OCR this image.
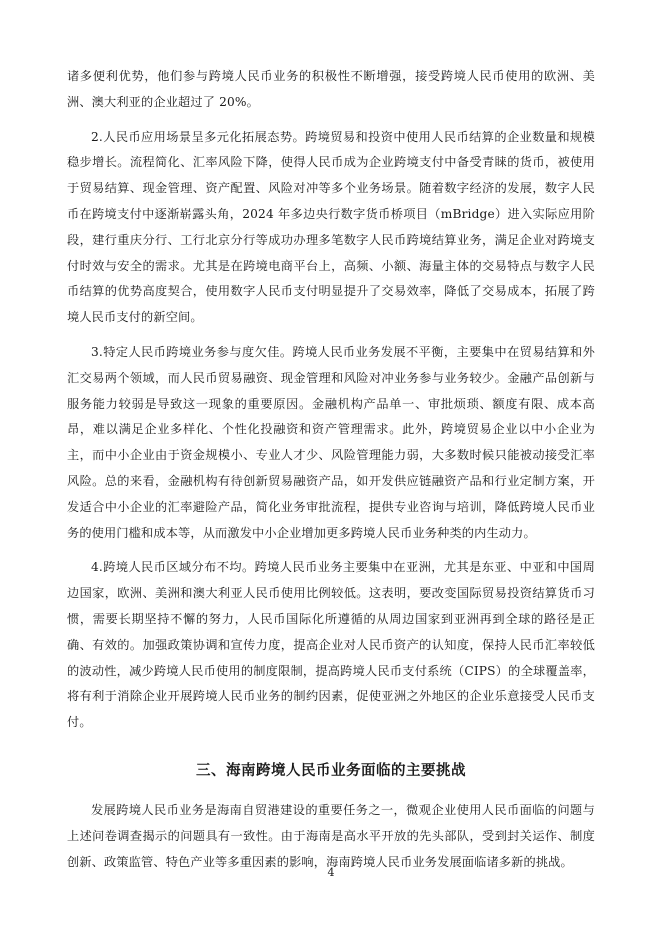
诸多便利优势，他们参与跨境人民币业务的积极性不断增强，接受跨境人民币使用的欧洲、美洲、澳大利亚的企业超过了 20%。

2.人民币应用场景呈多元化拓展态势。跨境贸易和投资中使用人民币结算的企业数量和规模稳步增长。流程简化、汇率风险下降，使得人民币成为企业跨境支付中备受青睐的货币，被使用于贸易结算、现金管理、资产配置、风险对冲等多个业务场景。随着数字经济的发展，数字人民币在跨境支付中逐渐崭露头角，2024 年多边央行数字货币桥项目（mBridge）进入实际应用阶段，建行重庆分行、工行北京分行等成功办理多笔数字人民币跨境结算业务，满足企业对跨境支付时效与安全的需求。尤其是在跨境电商平台上，高频、小额、海量主体的交易特点与数字人民币结算的优势高度契合，使用数字人民币支付明显提升了交易效率，降低了交易成本，拓展了跨境人民币支付的新空间。

3.特定人民币跨境业务参与度欠佳。跨境人民币业务发展不平衡，主要集中在贸易结算和外汇交易两个领域，而人民币贸易融资、现金管理和风险对冲业务参与业务较少。金融产品创新与服务能力较弱是导致这一现象的重要原因。金融机构产品单一、审批烦琐、额度有限、成本高昂，难以满足企业多样化、个性化投融资和资产管理需求。此外，跨境贸易企业以中小企业为主，而中小企业由于资金规模小、专业人才少、风险管理能力弱，大多数时候只能被动接受汇率风险。总的来看，金融机构有待创新贸易融资产品，如开发供应链融资产品和行业定制方案，开发适合中小企业的汇率避险产品，简化业务审批流程，提供专业咨询与培训，降低跨境人民币业务的使用门槛和成本等，从而激发中小企业增加更多跨境人民币业务种类的内生动力。

4.跨境人民币区域分布不均。跨境人民币业务主要集中在亚洲，尤其是东亚、中亚和中国周边国家，欧洲、美洲和澳大利亚人民币使用比例较低。这表明，要改变国际贸易投资结算货币习惯，需要长期坚持不懈的努力，人民币国际化所遵循的从周边国家到亚洲再到全球的路径是正确、有效的。加强政策协调和宣传力度，提高企业对人民币资产的认知度，保持人民币汇率较低的波动性，减少跨境人民币使用的制度限制，提高跨境人民币支付系统（CIPS）的全球覆盖率，将有利于消除企业开展跨境人民币业务的制约因素，促使亚洲之外地区的企业乐意接受人民币支付。

三、海南跨境人民币业务面临的主要挑战

发展跨境人民币业务是海南自贸港建设的重要任务之一，微观企业使用人民币面临的问题与上述问卷调查揭示的问题具有一致性。由于海南是高水平开放的先头部队，受到封关运作、制度创新、政策监管、特色产业等多重因素的影响，海南跨境人民币业务发展面临诸多新的挑战。

4
